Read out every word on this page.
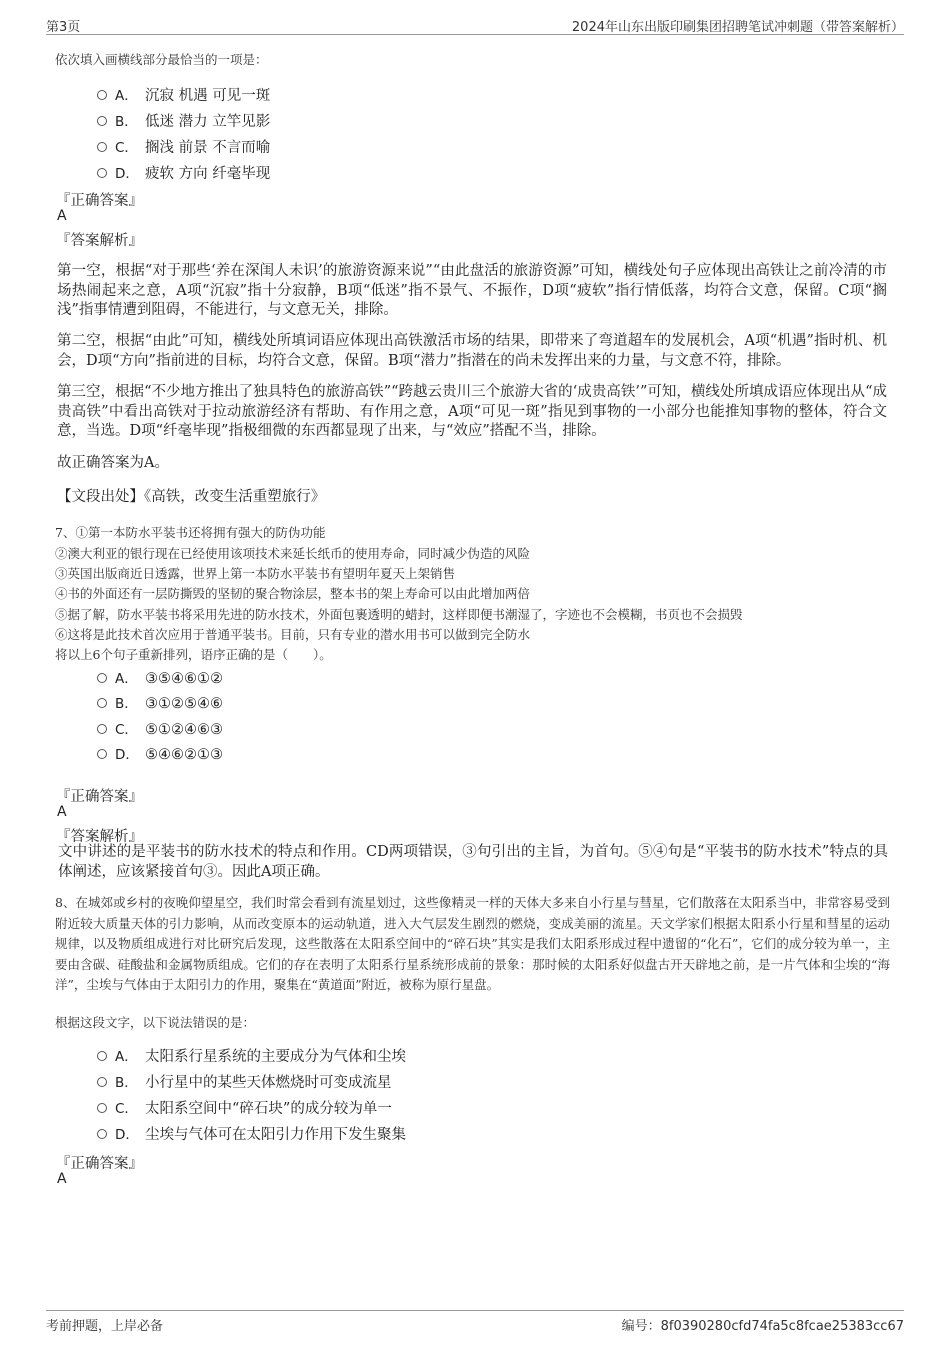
第3页	2024年山东出版印刷集团招聘笔试冲刺题（带答案解析）
依次填入画横线部分最恰当的一项是：
A． 沉寂 机遇 可见一斑
B． 低迷 潜力 立竿见影
C． 搁浅 前景 不言而喻
D． 疲软 方向 纤毫毕现
『正确答案』
A
『答案解析』
第一空，根据“对于那些‘养在深闺人未识’的旅游资源来说”“由此盘活的旅游资源”可知，横线处句子应体现出高铁让之前冷清的市场热闹起来之意，A项“沉寂”指十分寂静，B项“低迷”指不景气、不振作，D项“疲软”指行情低落，均符合文意，保留。C项“搁浅”指事情遭到阻碍，不能进行，与文意无关，排除。
第二空，根据“由此”可知，横线处所填词语应体现出高铁激活市场的结果，即带来了弯道超车的发展机会，A项“机遇”指时机、机会，D项“方向”指前进的目标，均符合文意，保留。B项“潜力”指潜在的尚未发挥出来的力量，与文意不符，排除。
第三空，根据“不少地方推出了独具特色的旅游高铁”“跨越云贵川三个旅游大省的‘成贵高铁’”可知，横线处所填成语应体现出从“成贵高铁”中看出高铁对于拉动旅游经济有帮助、有作用之意，A项“可见一斑”指见到事物的一小部分也能推知事物的整体，符合文意，当选。D项“纤毫毕现”指极细微的东西都显现了出来，与“效应”搭配不当，排除。
故正确答案为A。
【文段出处】《高铁，改变生活重塑旅行》
7、①第一本防水平装书还将拥有强大的防伪功能
②澳大利亚的银行现在已经使用该项技术来延长纸币的使用寿命，同时减少伪造的风险
③英国出版商近日透露，世界上第一本防水平装书有望明年夏天上架销售
④书的外面还有一层防撕毁的坚韧的聚合物涂层，整本书的架上寿命可以由此增加两倍
⑤据了解，防水平装书将采用先进的防水技术，外面包裹透明的蜡封，这样即便书潮湿了，字迹也不会模糊，书页也不会损毁
⑥这将是此技术首次应用于普通平装书。目前，只有专业的潜水用书可以做到完全防水
将以上6个句子重新排列，语序正确的是（　　）。
A． ③⑤④⑥①②
B． ③①②⑤④⑥
C． ⑤①②④⑥③
D． ⑤④⑥②①③
『正确答案』
A
『答案解析』
文中讲述的是平装书的防水技术的特点和作用。CD两项错误，③句引出的主旨，为首句。⑤④句是“平装书的防水技术”特点的具体阐述，应该紧接首句③。因此A项正确。
8、在城郊或乡村的夜晚仰望星空，我们时常会看到有流星划过，这些像精灵一样的天体大多来自小行星与彗星，它们散落在太阳系当中，非常容易受到附近较大质量天体的引力影响，从而改变原本的运动轨道，进入大气层发生剧烈的燃烧，变成美丽的流星。天文学家们根据太阳系小行星和彗星的运动规律，以及物质组成进行对比研究后发现，这些散落在太阳系空间中的“碎石块”其实是我们太阳系形成过程中遗留的“化石”，它们的成分较为单一，主要由含碳、硅酸盐和金属物质组成。它们的存在表明了太阳系行星系统形成前的景象：那时候的太阳系好似盘古开天辟地之前，是一片气体和尘埃的“海洋”，尘埃与气体由于太阳引力的作用，聚集在“黄道面”附近，被称为原行星盘。
根据这段文字，以下说法错误的是：
A． 太阳系行星系统的主要成分为气体和尘埃
B． 小行星中的某些天体燃烧时可变成流星
C． 太阳系空间中“碎石块”的成分较为单一
D． 尘埃与气体可在太阳引力作用下发生聚集
『正确答案』
A
考前押题，上岸必备	编号：8f0390280cfd74fa5c8fcae25383cc67
